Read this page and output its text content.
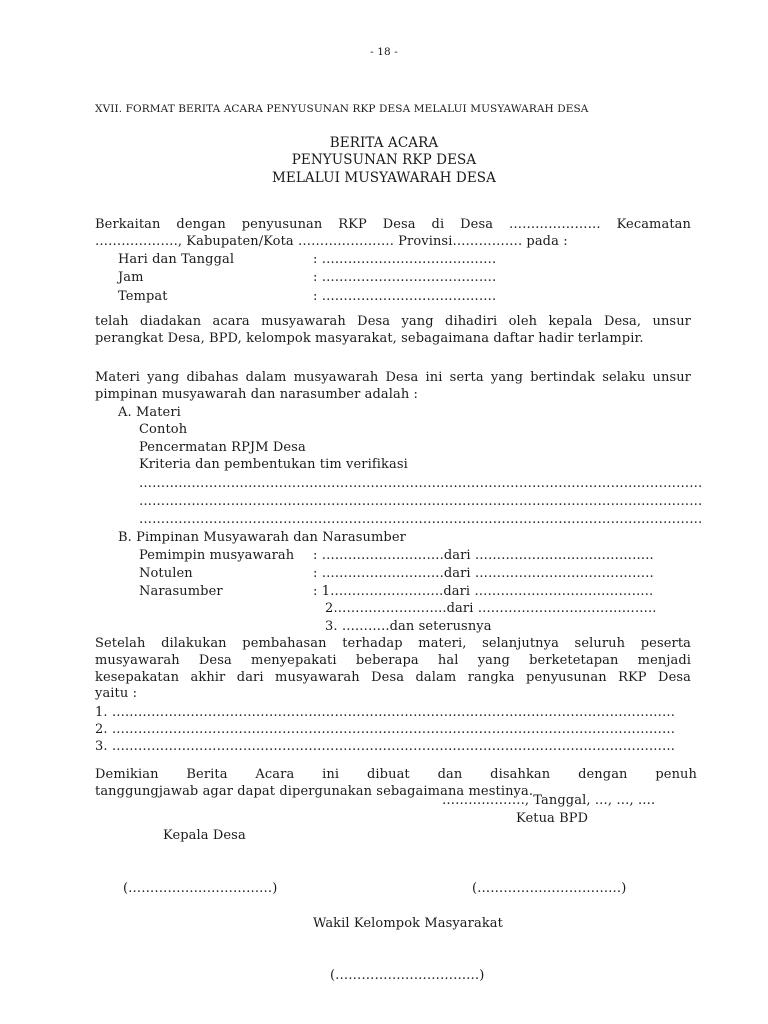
- 18 -
XVII. FORMAT BERITA ACARA PENYUSUNAN RKP DESA MELALUI MUSYAWARAH DESA
BERITA ACARA
PENYUSUNAN RKP DESA
MELALUI MUSYAWARAH DESA
Berkaitan dengan penyusunan RKP Desa di Desa ………………… Kecamatan
………………., Kabupaten/Kota …………………. Provinsi……………. pada :
Hari dan Tanggal	: ………………………………….
Jam	: ………………………………….
Tempat	: ………………………………….
telah diadakan acara musyawarah Desa yang dihadiri oleh kepala Desa, unsur
perangkat Desa, BPD, kelompok masyarakat, sebagaimana daftar hadir terlampir.
Materi yang dibahas dalam musyawarah Desa ini serta yang bertindak selaku unsur
pimpinan musyawarah dan narasumber adalah :
A. Materi
Contoh
Pencermatan RPJM Desa
Kriteria dan pembentukan tim verifikasi
…………………………………………………………………………………………………………………
…………………………………………………………………………………………………………………
…………………………………………………………………………………………………………………
B. Pimpinan Musyawarah dan Narasumber
Pemimpin musyawarah : ……………………….dari …………………………………..
Notulen	: ……………………….dari …………………………………..
Narasumber	: 1……………………..dari …………………………………..
2……………………..dari …………………………………..
3. ………..dan seterusnya
Setelah dilakukan pembahasan terhadap materi, selanjutnya seluruh peserta
musyawarah Desa menyepakati beberapa hal yang berketetapan menjadi
kesepakatan akhir dari musyawarah Desa dalam rangka penyusunan RKP Desa
yaitu :
1. …………………………………………………………………………………………………………………
2. …………………………………………………………………………………………………………………
3. …………………………………………………………………………………………………………………
Demikian Berita Acara ini dibuat dan disahkan dengan penuh
tanggungjawab agar dapat dipergunakan sebagaimana mestinya.
………………., Tanggal, …, …, ….
Ketua BPD
Kepala Desa
(……………………………)	(……………………………)
Wakil Kelompok Masyarakat
(……………………………)
